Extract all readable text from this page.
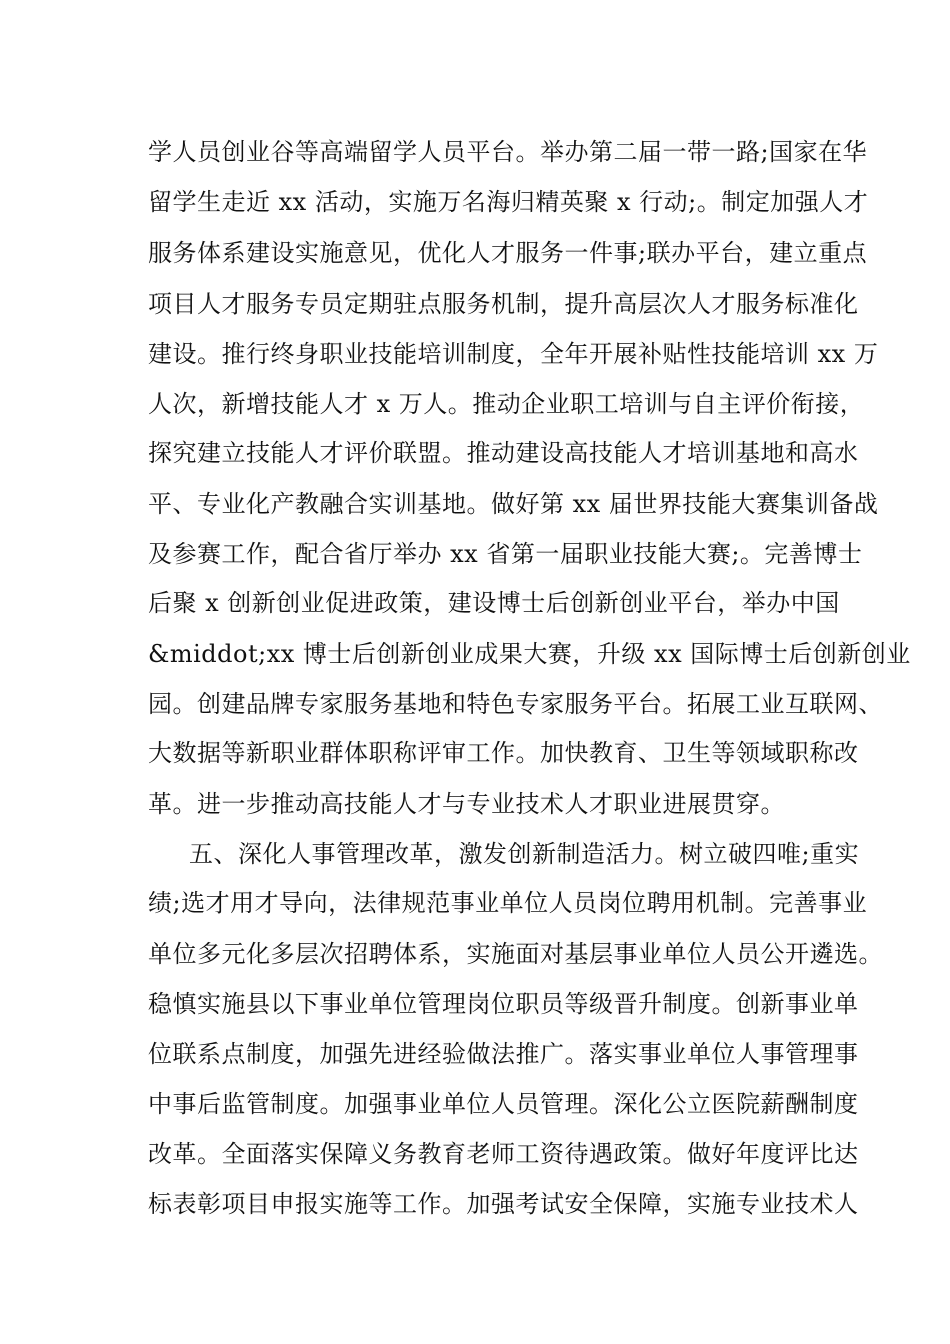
学人员创业谷等高端留学人员平台。举办第二届一带一路;国家在华
留学生走近 xx 活动，实施万名海归精英聚 x 行动;。制定加强人才
服务体系建设实施意见，优化人才服务一件事;联办平台，建立重点
项目人才服务专员定期驻点服务机制，提升高层次人才服务标准化
建设。推行终身职业技能培训制度，全年开展补贴性技能培训 xx 万
人次，新增技能人才 x 万人。推动企业职工培训与自主评价衔接，
探究建立技能人才评价联盟。推动建设高技能人才培训基地和高水
平、专业化产教融合实训基地。做好第 xx 届世界技能大赛集训备战
及参赛工作，配合省厅举办 xx 省第一届职业技能大赛;。完善博士
后聚 x 创新创业促进政策，建设博士后创新创业平台，举办中国
&middot;xx 博士后创新创业成果大赛，升级 xx 国际博士后创新创业
园。创建品牌专家服务基地和特色专家服务平台。拓展工业互联网、
大数据等新职业群体职称评审工作。加快教育、卫生等领域职称改
革。进一步推动高技能人才与专业技术人才职业进展贯穿。
五、深化人事管理改革，激发创新制造活力。树立破四唯;重实
绩;选才用才导向，法律规范事业单位人员岗位聘用机制。完善事业
单位多元化多层次招聘体系，实施面对基层事业单位人员公开遴选。
稳慎实施县以下事业单位管理岗位职员等级晋升制度。创新事业单
位联系点制度，加强先进经验做法推广。落实事业单位人事管理事
中事后监管制度。加强事业单位人员管理。深化公立医院薪酬制度
改革。全面落实保障义务教育老师工资待遇政策。做好年度评比达
标表彰项目申报实施等工作。加强考试安全保障，实施专业技术人
